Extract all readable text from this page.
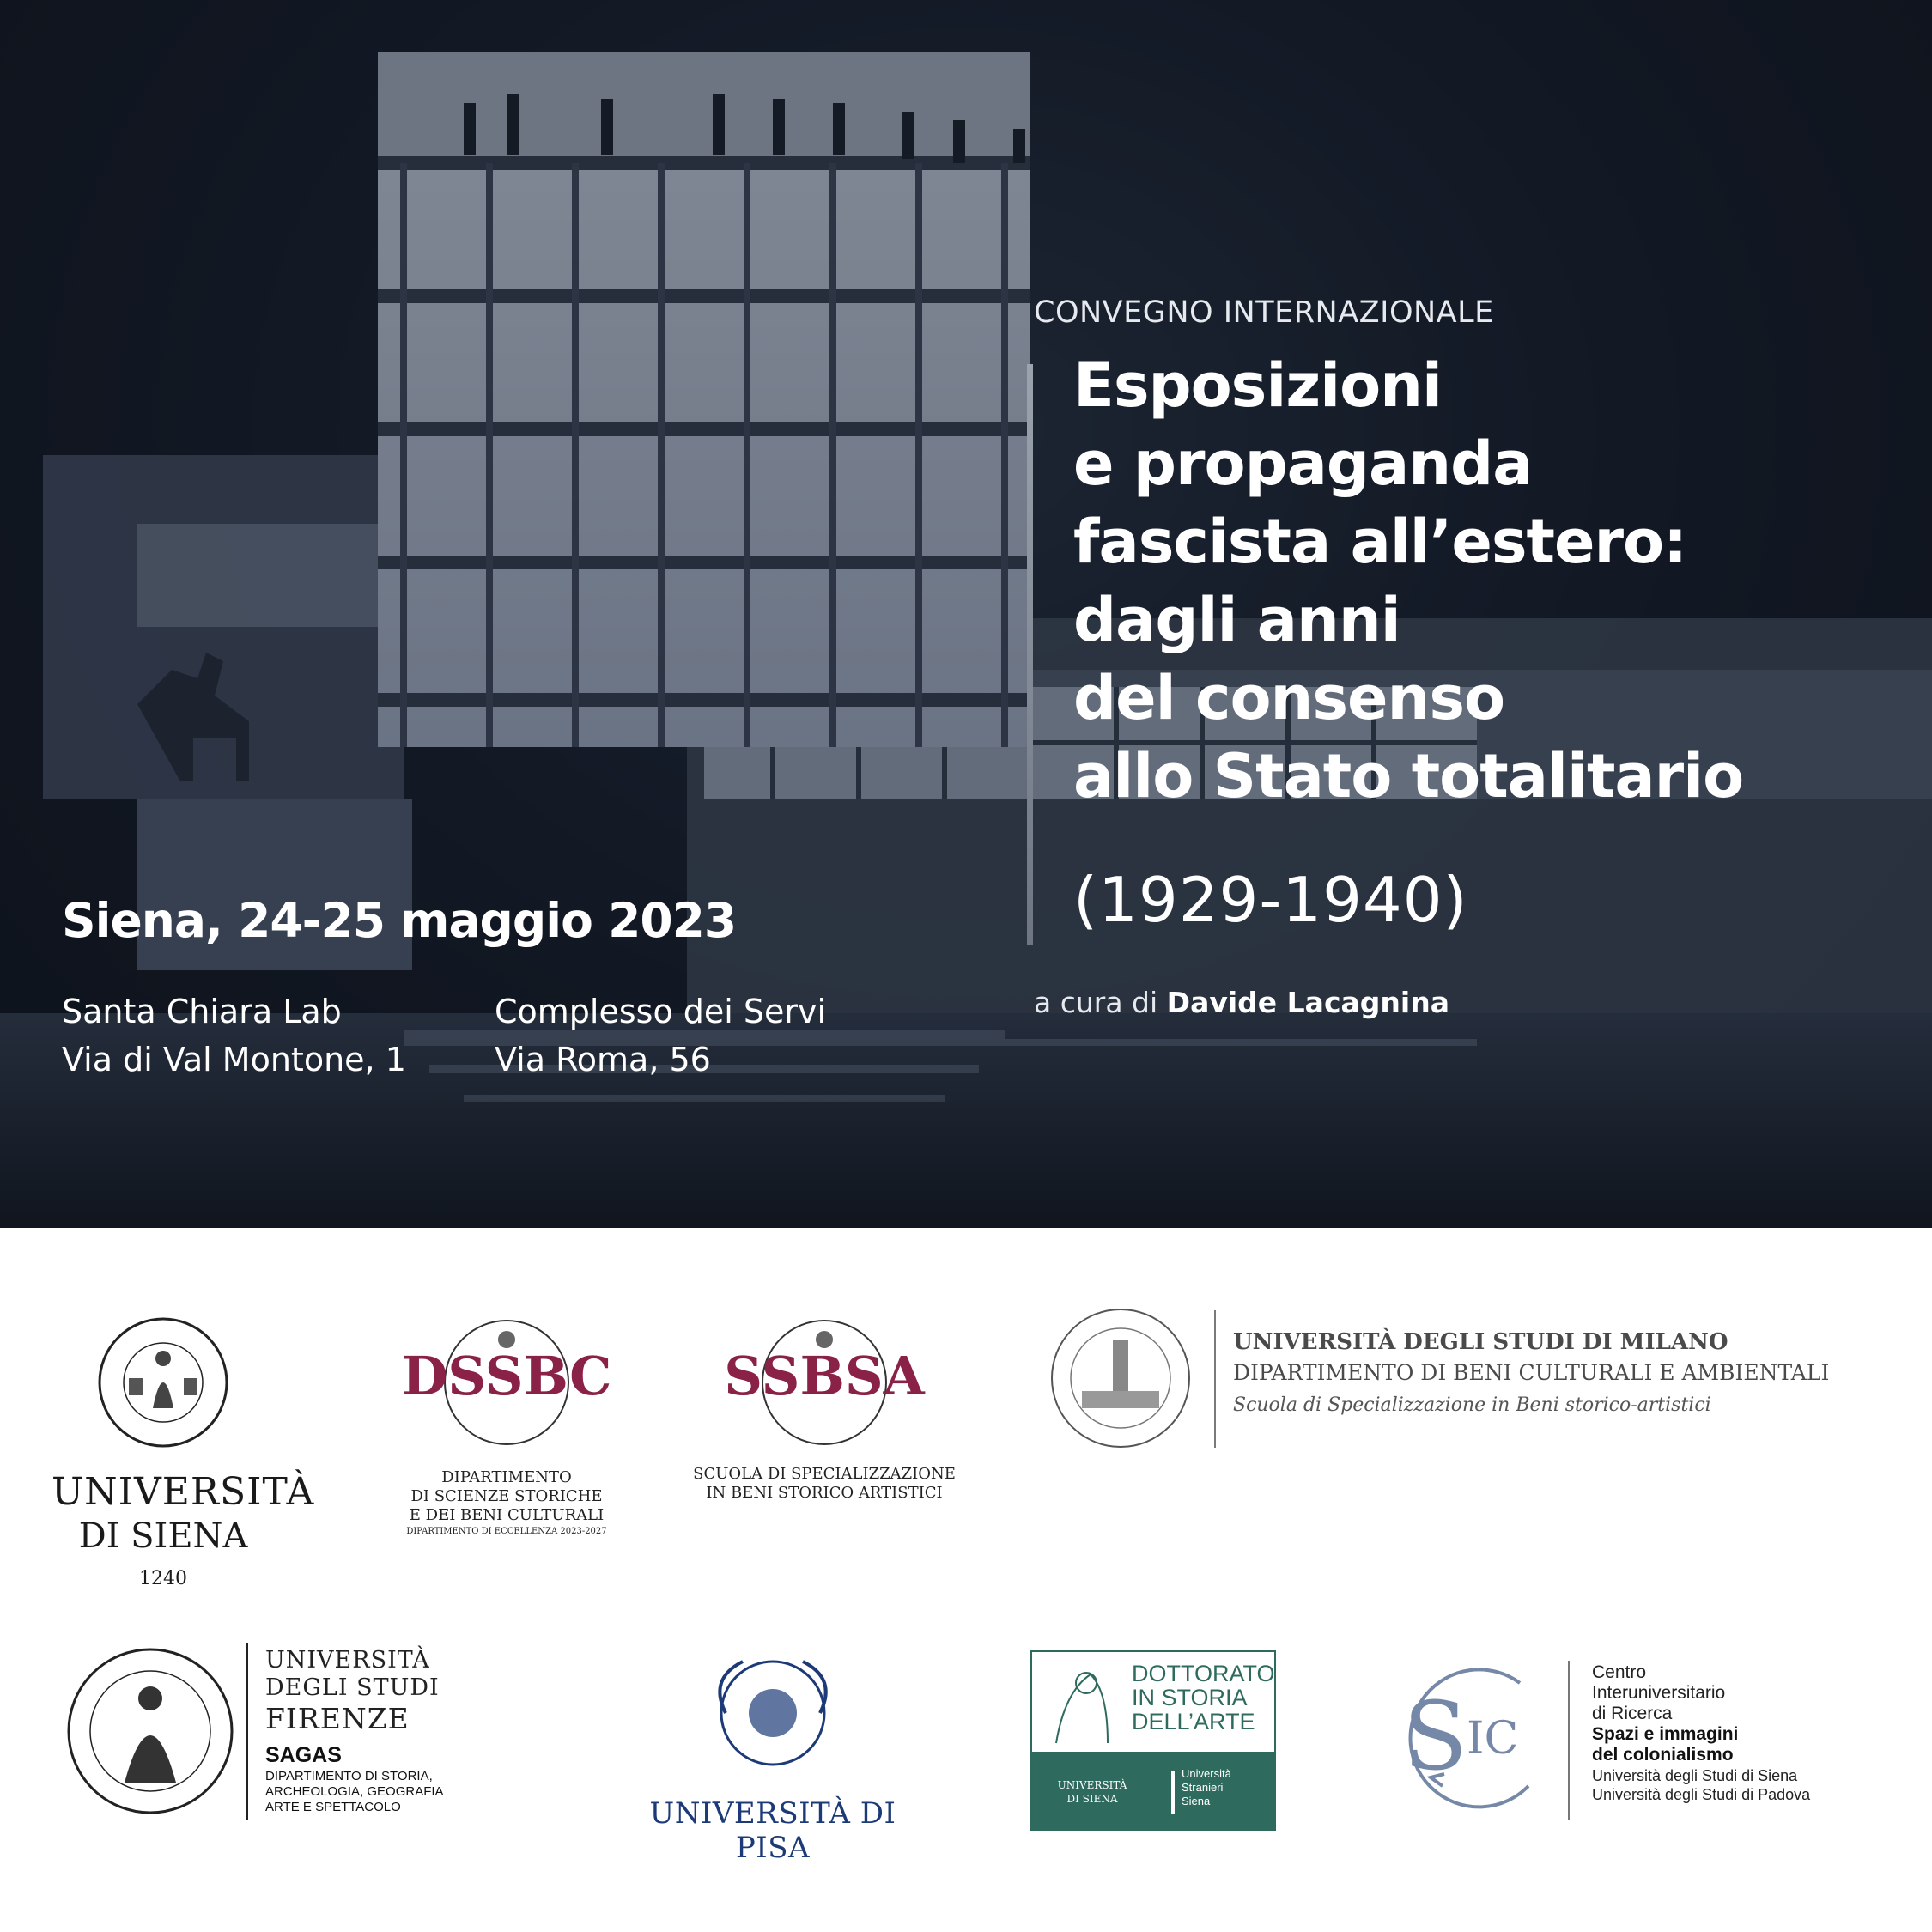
CONVEGNO INTERNAZIONALE
Esposizioni
e propaganda
fascista all’estero:
dagli anni
del consenso
allo Stato totalitario
(1929-1940)
a cura di Davide Lacagnina
Siena, 24-25 maggio 2023
Santa Chiara Lab
Via di Val Montone, 1
Complesso dei Servi
Via Roma, 56
UNIVERSITÀ
DI SIENA
1240
DSSBC
DIPARTIMENTO
DI SCIENZE STORICHE
E DEI BENI CULTURALI
DIPARTIMENTO DI ECCELLENZA 2023-2027
SSBSA
SCUOLA DI SPECIALIZZAZIONE
IN BENI STORICO ARTISTICI
UNIVERSITÀ DEGLI STUDI DI MILANO
DIPARTIMENTO DI BENI CULTURALI E AMBIENTALI
Scuola di Specializzazione in Beni storico-artistici
UNIVERSITÀ
DEGLI STUDI
FIRENZE
SAGAS
DIPARTIMENTO DI STORIA,
ARCHEOLOGIA, GEOGRAFIA
ARTE E SPETTACOLO	UNIVERSITÀ DI PISA
DOTTORATO
IN STORIA
DELL’ARTE
UNIVERSITÀ
DI SIENA
Università
Stranieri
Siena
S
IC
Centro
Interuniversitario
di Ricerca
Spazi e immagini
del colonialismo
Università degli Studi di Siena
Università degli Studi di Padova
